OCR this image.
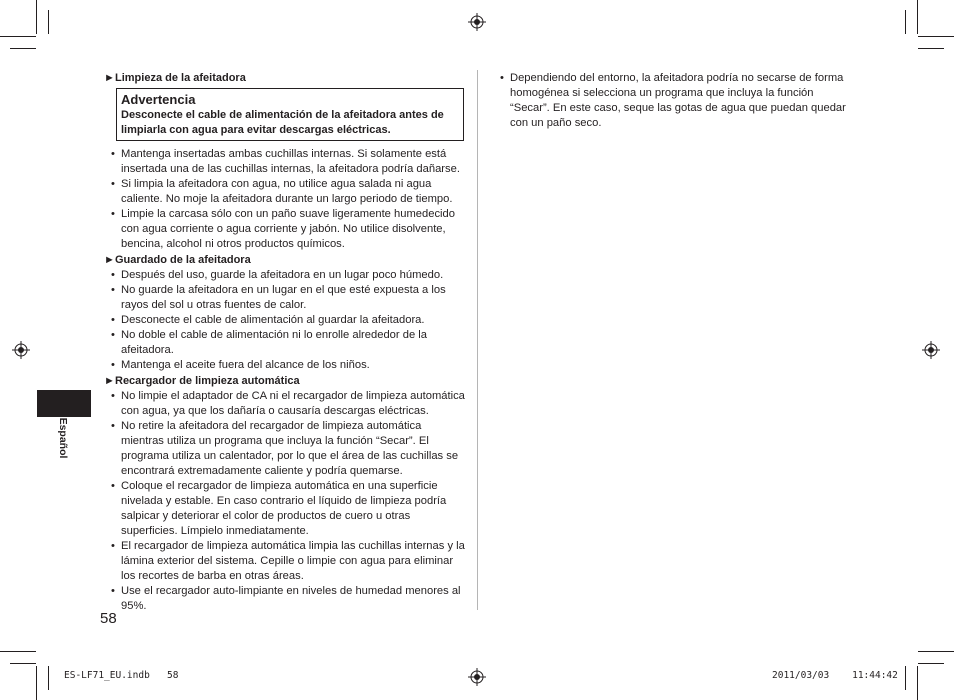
Español
►Limpieza de la afeitadora
Advertencia
Desconecte el cable de alimentación de la afeitadora antes de limpiarla con agua para evitar descargas eléctricas.
• Mantenga insertadas ambas cuchillas internas. Si solamente está
insertada una de las cuchillas internas, la afeitadora podría dañarse.
• Si limpia la afeitadora con agua, no utilice agua salada ni agua
caliente. No moje la afeitadora durante un largo periodo de tiempo.
• Limpie la carcasa sólo con un paño suave ligeramente humedecido
con agua corriente o agua corriente y jabón. No utilice disolvente,
bencina, alcohol ni otros productos químicos.
►Guardado de la afeitadora
• Después del uso, guarde la afeitadora en un lugar poco húmedo.
• No guarde la afeitadora en un lugar en el que esté expuesta a los
rayos del sol u otras fuentes de calor.
• Desconecte el cable de alimentación al guardar la afeitadora.
• No doble el cable de alimentación ni lo enrolle alrededor de la
afeitadora.
• Mantenga el aceite fuera del alcance de los niños.
►Recargador de limpieza automática
• No limpie el adaptador de CA ni el recargador de limpieza automática
con agua, ya que los dañaría o causaría descargas eléctricas.
• No retire la afeitadora del recargador de limpieza automática
mientras utiliza un programa que incluya la función “Secar”. El
programa utiliza un calentador, por lo que el área de las cuchillas se
encontrará extremadamente caliente y podría quemarse.
• Coloque el recargador de limpieza automática en una superficie
nivelada y estable. En caso contrario el líquido de limpieza podría
salpicar y deteriorar el color de productos de cuero u otras
superficies. Límpielo inmediatamente.
• El recargador de limpieza automática limpia las cuchillas internas y la
lámina exterior del sistema. Cepille o limpie con agua para eliminar
los recortes de barba en otras áreas.
• Use el recargador auto-limpiante en niveles de humedad menores al
95%.
• Dependiendo del entorno, la afeitadora podría no secarse de forma
homogénea si selecciona un programa que incluya la función
“Secar”. En este caso, seque las gotas de agua que puedan quedar
con un paño seco.
58
ES-LF71_EU.indb 58	2011/03/03 11:44:42
